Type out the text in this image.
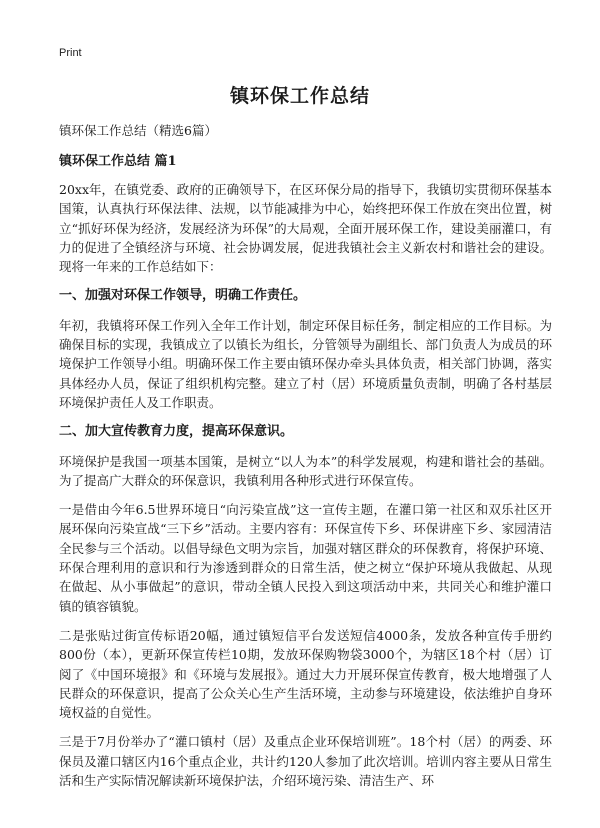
Print
镇环保工作总结
镇环保工作总结（精选6篇）
镇环保工作总结 篇1

20xx年，在镇党委、政府的正确领导下，在区环保分局的指导下，我镇切实贯彻环保基本国策，认真执行环保法律、法规，以节能减排为中心，始终把环保工作放在突出位置，树立“抓好环保为经济，发展经济为环保”的大局观，全面开展环保工作，建设美丽灌口，有力的促进了全镇经济与环境、社会协调发展，促进我镇社会主义新农村和谐社会的建设。现将一年来的工作总结如下：

一、加强对环保工作领导，明确工作责任。

年初，我镇将环保工作列入全年工作计划，制定环保目标任务，制定相应的工作目标。为确保目标的实现，我镇成立了以镇长为组长，分管领导为副组长、部门负责人为成员的环境保护工作领导小组。明确环保工作主要由镇环保办牵头具体负责，相关部门协调，落实具体经办人员，保证了组织机构完整。建立了村（居）环境质量负责制，明确了各村基层环境保护责任人及工作职责。

二、加大宣传教育力度，提高环保意识。

环境保护是我国一项基本国策，是树立“以人为本”的科学发展观，构建和谐社会的基础。为了提高广大群众的环保意识，我镇利用各种形式进行环保宣传。

一是借由今年6.5世界环境日“向污染宣战”这一宣传主题，在灌口第一社区和双乐社区开展环保向污染宣战“三下乡”活动。主要内容有：环保宣传下乡、环保讲座下乡、家园清洁全民参与三个活动。以倡导绿色文明为宗旨，加强对辖区群众的环保教育，将保护环境、环保合理利用的意识和行为渗透到群众的日常生活，使之树立“保护环境从我做起、从现在做起、从小事做起”的意识，带动全镇人民投入到这项活动中来，共同关心和维护灌口镇的镇容镇貌。

二是张贴过街宣传标语20幅，通过镇短信平台发送短信4000条，发放各种宣传手册约800份（本），更新环保宣传栏10期，发放环保购物袋3000个，为辖区18个村（居）订阅了《中国环境报》和《环境与发展报》。通过大力开展环保宣传教育，极大地增强了人民群众的环保意识，提高了公众关心生产生活环境，主动参与环境建设，依法维护自身环境权益的自觉性。

三是于7月份举办了“灌口镇村（居）及重点企业环保培训班”。18个村（居）的两委、环保员及灌口辖区内16个重点企业，共计约120人参加了此次培训。培训内容主要从日常生活和生产实际情况解读新环境保护法，介绍环境污染、清洁生产、环
